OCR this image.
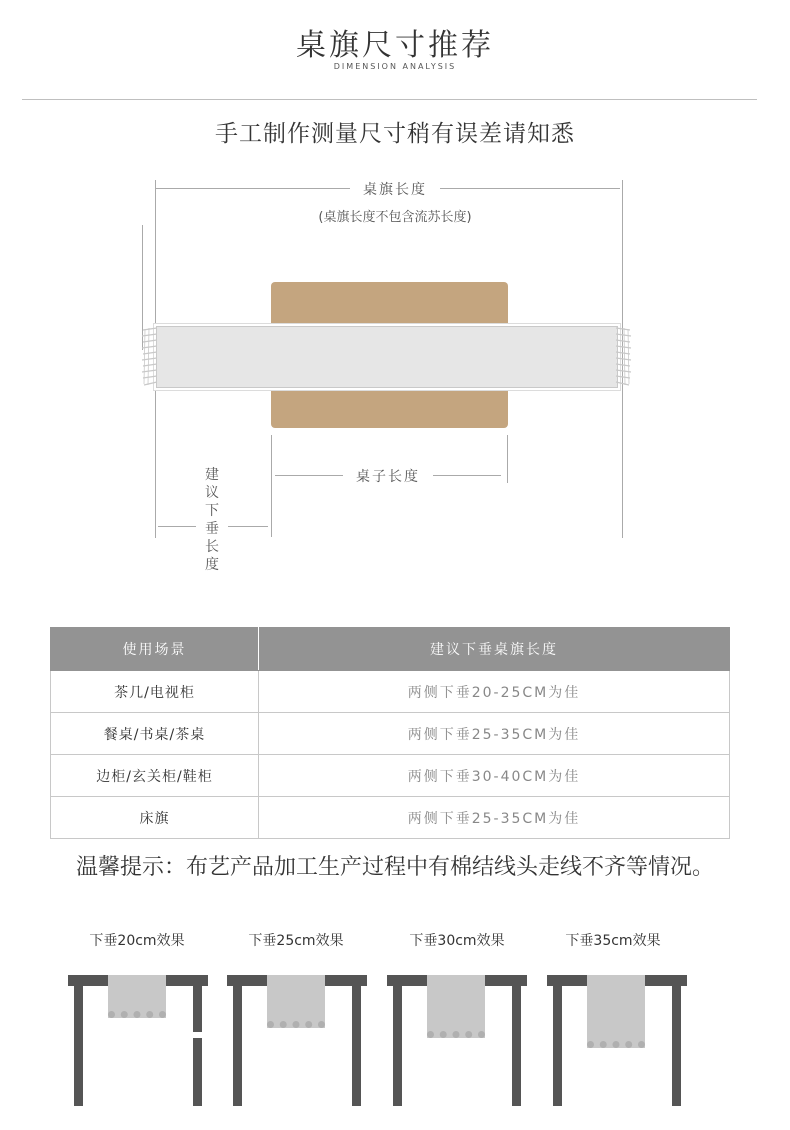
桌旗尺寸推荐
DIMENSION ANALYSIS
手工制作测量尺寸稍有误差请知悉
桌旗长度
(桌旗长度不包含流苏长度)
桌子长度
建
议
下
垂
长
度
使用场景	建议下垂桌旗长度
茶几/电视柜	两侧下垂20-25CM为佳
餐桌/书桌/茶桌	两侧下垂25-35CM为佳
边柜/玄关柜/鞋柜	两侧下垂30-40CM为佳
床旗	两侧下垂25-35CM为佳
温馨提示：布艺产品加工生产过程中有棉结线头走线不齐等情况。
下垂20cm效果	下垂25cm效果	下垂30cm效果	下垂35cm效果
